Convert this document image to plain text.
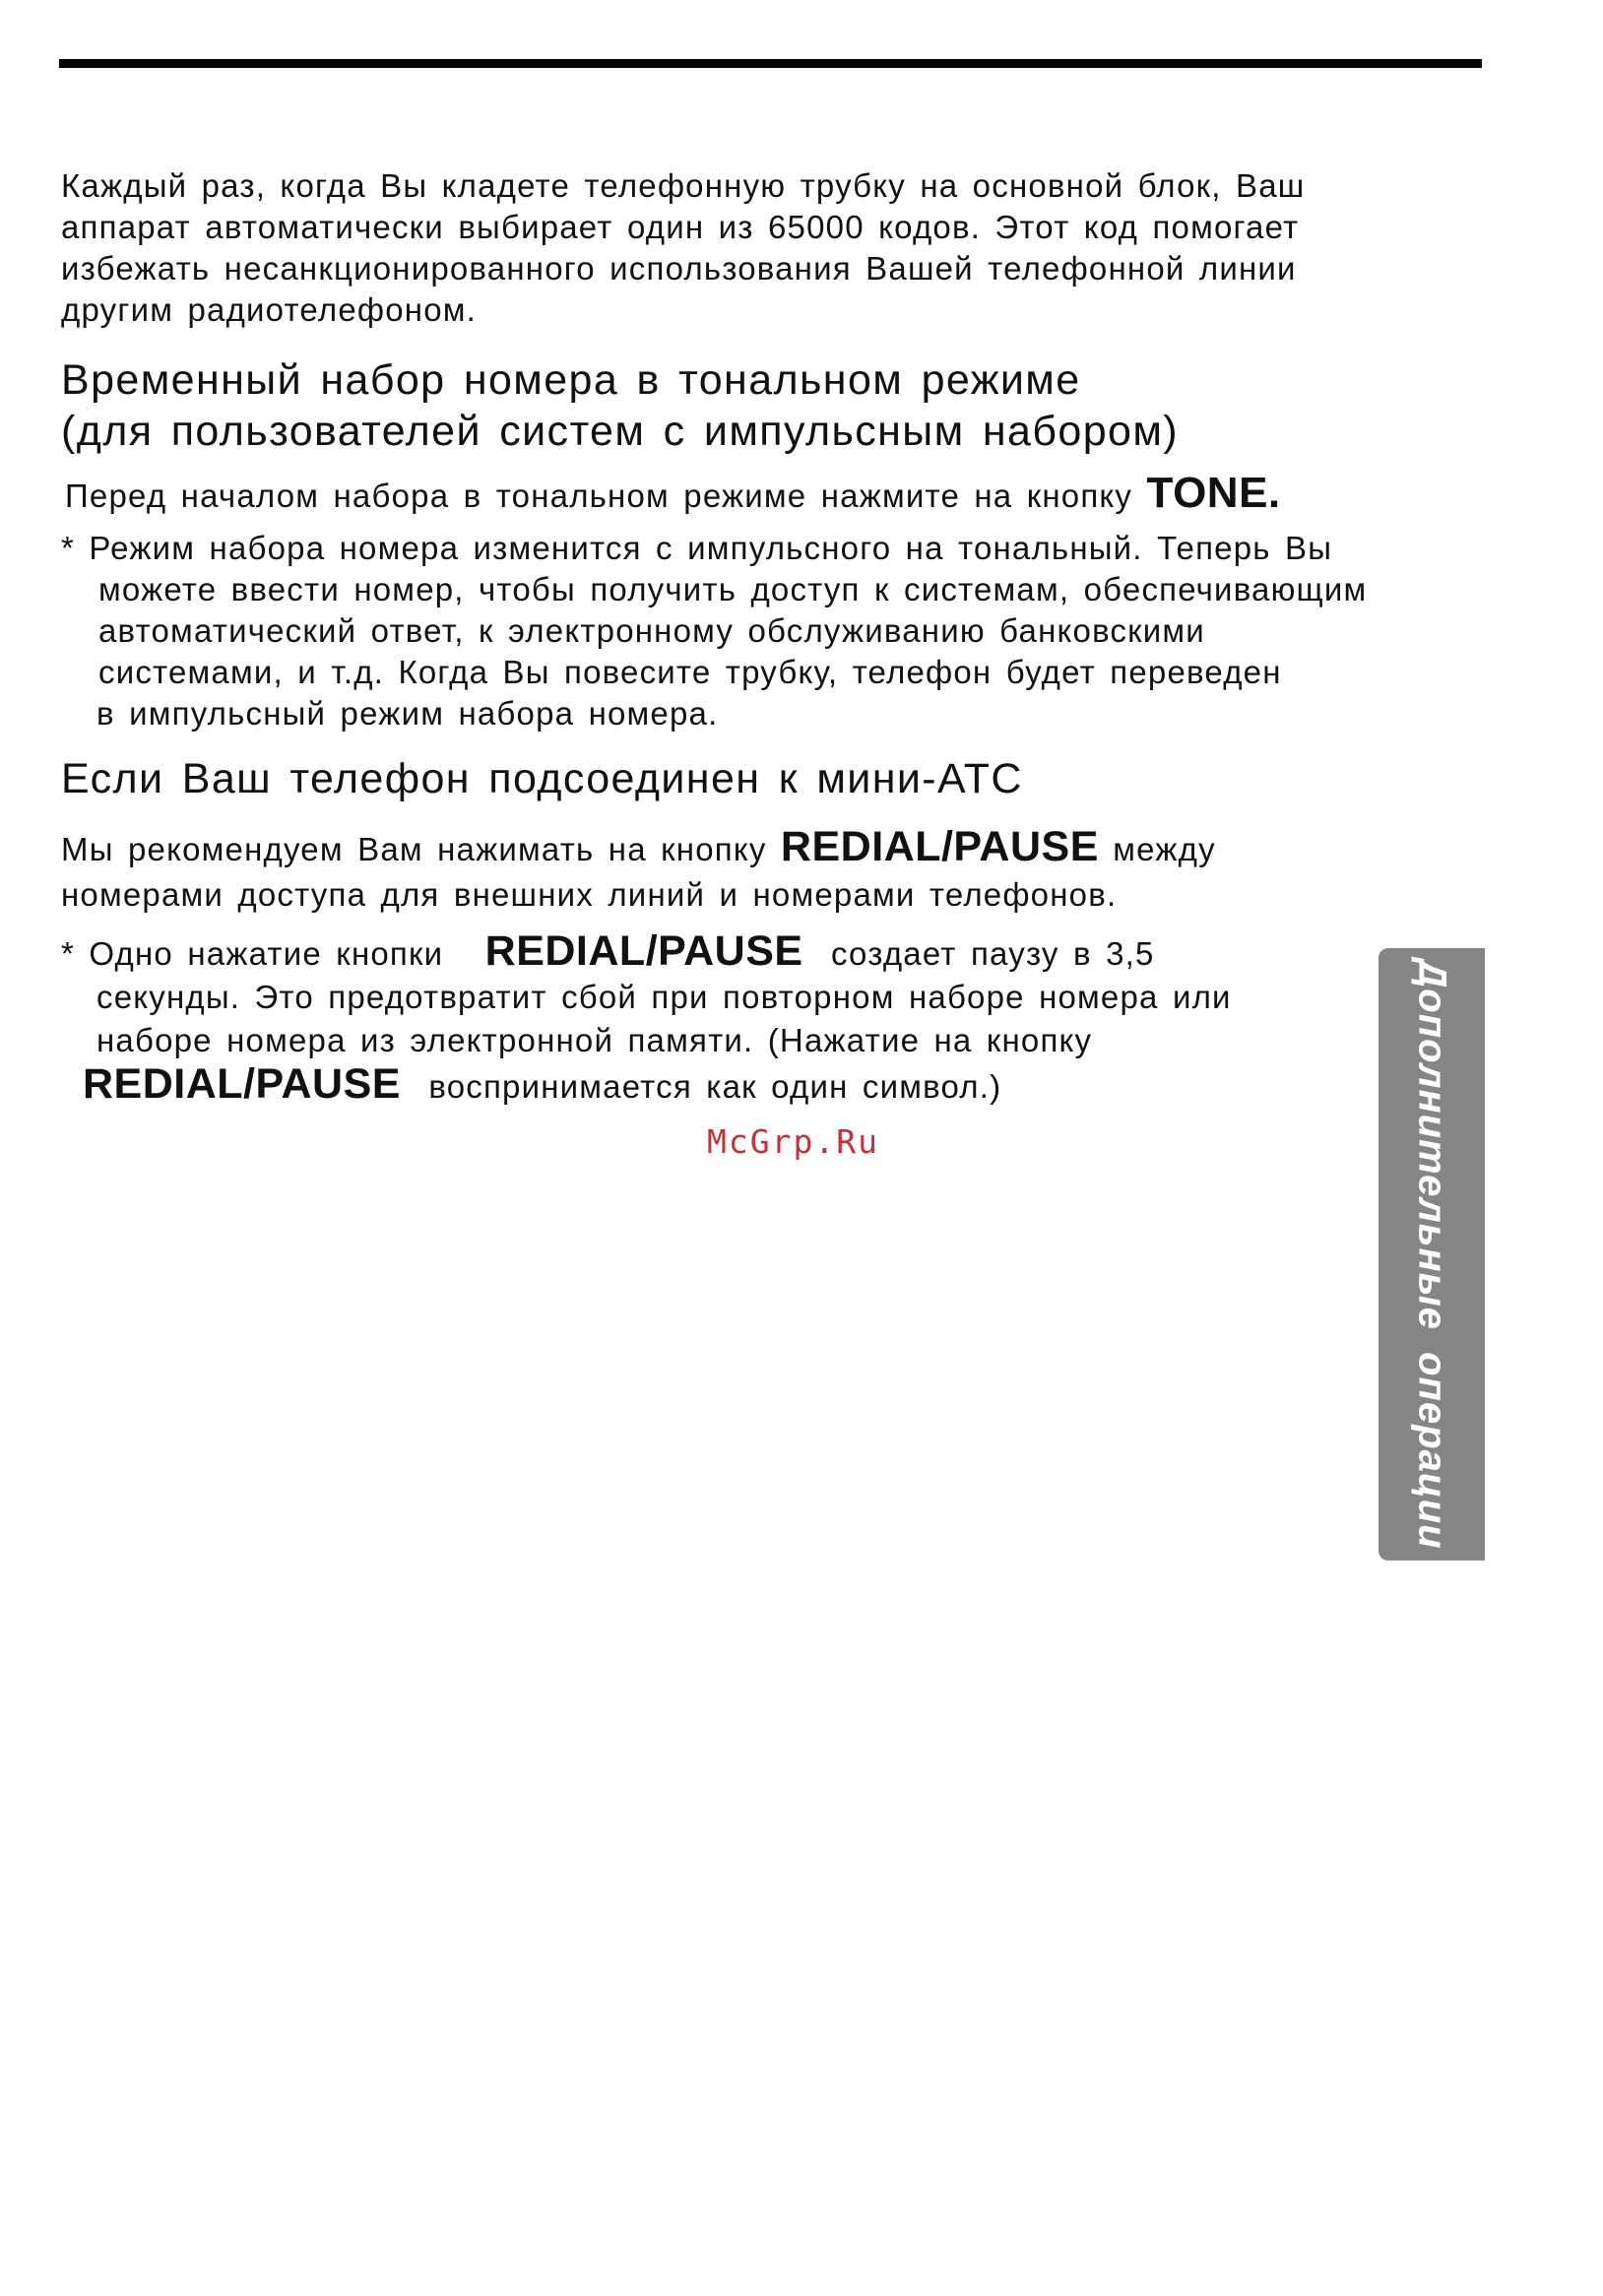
Каждый раз, когда Вы кладете телефонную трубку на основной блок, Ваш
аппарат автоматически выбирает один из 65000 кодов. Этот код помогает
избежать несанкционированного использования Вашей телефонной линии
другим радиотелефоном.

Временный набор номера в тональном режиме
(для пользователей систем с импульсным набором)

Перед началом набора в тональном режиме нажмите на кнопку TONE.

* Режим набора номера изменится с импульсного на тональный. Теперь Вы
можете ввести номер, чтобы получить доступ к системам, обеспечивающим
автоматический ответ, к электронному обслуживанию банковскими
системами, и т.д. Когда Вы повесите трубку, телефон будет переведен
в импульсный режим набора номера.

Если Ваш телефон подсоединен к мини-АТС

Мы рекомендуем Вам нажимать на кнопку REDIAL/PAUSE между
номерами доступа для внешних линий и номерами телефонов.

* Одно нажатие кнопки REDIAL/PAUSE создает паузу в 3,5
секунды. Это предотвратит сбой при повторном наборе номера или
наборе номера из электронной памяти. (Нажатие на кнопку
REDIAL/PAUSE воспринимается как один символ.)

McGrp.Ru	Дополнительные операции
